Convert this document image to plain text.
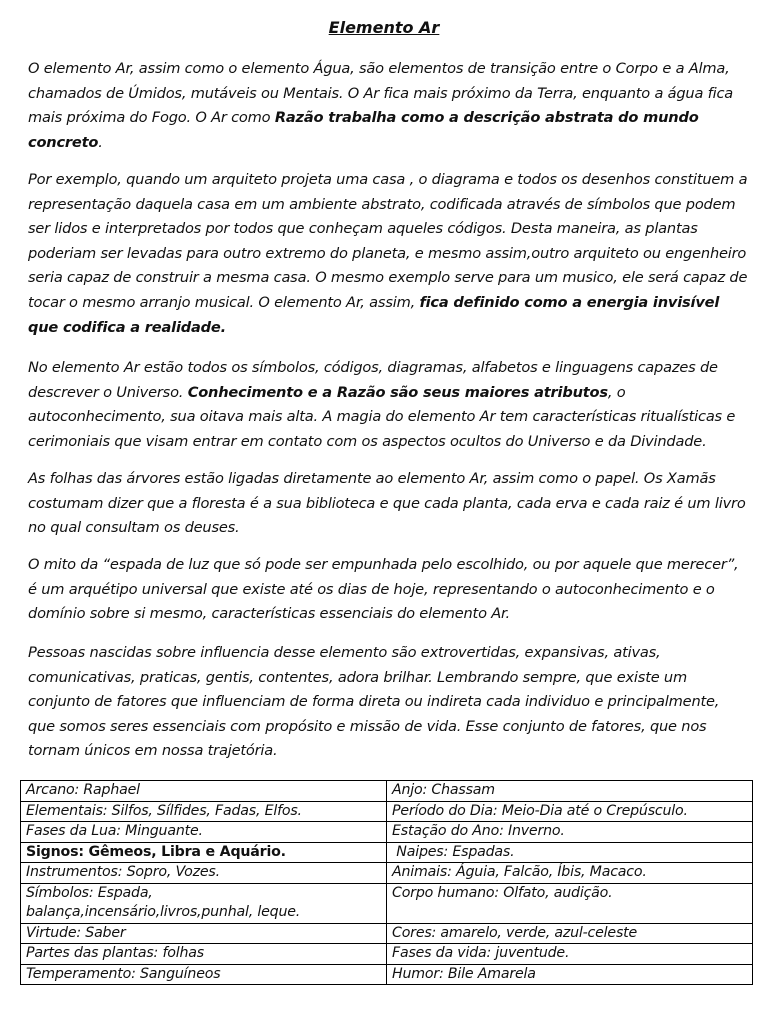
Elemento Ar
O elemento Ar, assim como o elemento Água, são elementos de transição entre o Corpo e a Alma, chamados de Úmidos, mutáveis ou Mentais. O Ar fica mais próximo da Terra, enquanto a água fica mais próxima do Fogo. O Ar como Razão trabalha como a descrição abstrata do mundo concreto.
Por exemplo, quando um arquiteto projeta uma casa , o diagrama e todos os desenhos constituem a representação daquela casa em um ambiente abstrato, codificada através de símbolos que podem ser lidos e interpretados por todos que conheçam aqueles códigos. Desta maneira, as plantas poderiam ser levadas para outro extremo do planeta, e mesmo assim,outro arquiteto ou engenheiro seria capaz de construir a mesma casa. O mesmo exemplo serve para um musico, ele será capaz de tocar o mesmo arranjo musical. O elemento Ar, assim, fica definido como a energia invisível que codifica a realidade.
No elemento Ar estão todos os símbolos, códigos, diagramas, alfabetos e linguagens capazes de descrever o Universo. Conhecimento e a Razão são seus maiores atributos, o autoconhecimento, sua oitava mais alta. A magia do elemento Ar tem características ritualísticas e cerimoniais que visam entrar em contato com os aspectos ocultos do Universo e da Divindade.
As folhas das árvores estão ligadas diretamente ao elemento Ar, assim como o papel. Os Xamãs costumam dizer que a floresta é a sua biblioteca e que cada planta, cada erva e cada raiz é um livro no qual consultam os deuses.
O mito da “espada de luz que só pode ser empunhada pelo escolhido, ou por aquele que merecer”, é um arquétipo universal que existe até os dias de hoje, representando o autoconhecimento e o domínio sobre si mesmo, características essenciais do elemento Ar.
Pessoas nascidas sobre influencia desse elemento são extrovertidas, expansivas, ativas, comunicativas, praticas, gentis, contentes, adora brilhar. Lembrando sempre, que existe um conjunto de fatores que influenciam de forma direta ou indireta cada individuo e principalmente, que somos seres essenciais com propósito e missão de vida. Esse conjunto de fatores, que nos tornam únicos em nossa trajetória.
Arcano: Raphael	Anjo: Chassam
Elementais: Silfos, Sílfides, Fadas, Elfos.	Período do Dia: Meio-Dia até o Crepúsculo.
Fases da Lua: Minguante.	Estação do Ano: Inverno.
Signos: Gêmeos, Libra e Aquário.	Naipes: Espadas.
Instrumentos: Sopro, Vozes.	Animais: Águia, Falcão, Íbis, Macaco.
Símbolos: Espada, balança,incensário,livros,punhal, leque.	Corpo humano: Olfato, audição.
Virtude: Saber	Cores: amarelo, verde, azul-celeste
Partes das plantas: folhas	Fases da vida: juventude.
Temperamento: Sanguíneos	Humor: Bile Amarela
